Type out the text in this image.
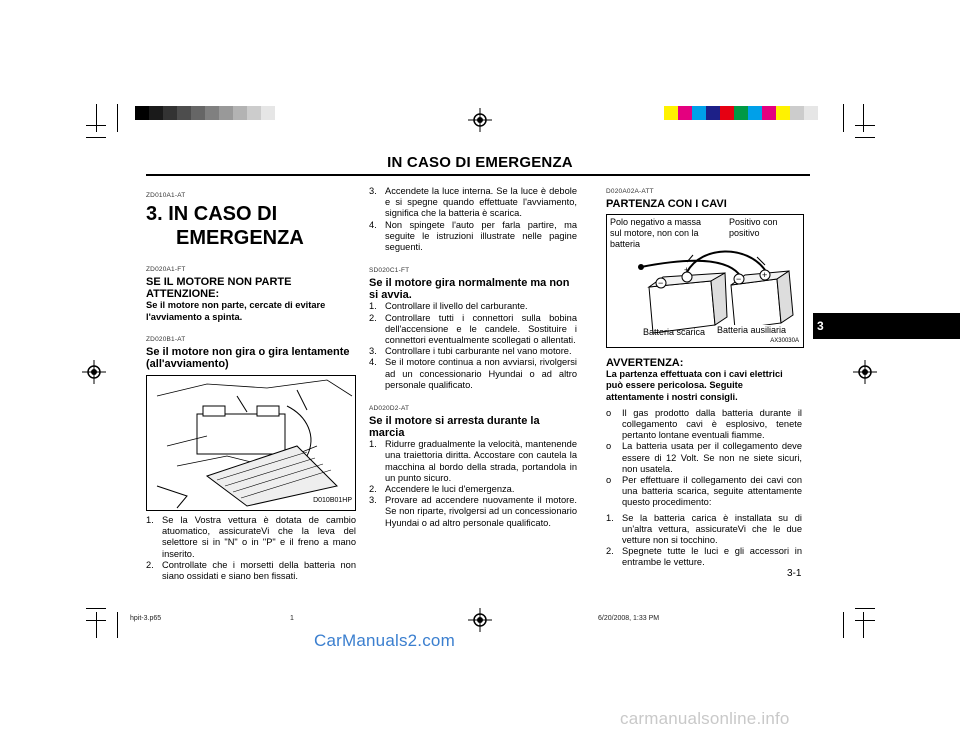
IN CASO DI EMERGENZA
ZD010A1-AT
3. IN CASO DI
EMERGENZA
ZD020A1-FT
SE IL MOTORE NON PARTE
ATTENZIONE:
Se il motore non parte, cercate di evitare l'avviamento a spinta.
ZD020B1-AT
Se il motore non gira o gira lentamente (all'avviamento)
D010B01HP
1. Se la Vostra vettura è dotata de cambio atuomatico, assicurateVi che la leva del selettore si in "N" o in "P" e il freno a mano inserito.
2. Controllate che i morsetti della batteria non siano ossidati e siano ben fissati.
3. Accendete la luce interna. Se la luce è debole e si spegne quando effettuate l'avviamento, significa che la batteria è scarica.
4. Non spingete l'auto per farla partire, ma seguite le istruzioni illustrate nelle pagine seguenti.
SD020C1-FT
Se il motore gira normalmente ma non si avvia.
1. Controllare il livello del carburante.
2. Controllare tutti i connettori sulla bobina dell'accensione e le candele. Sostituire i connettori eventualmente scollegati o allentati.
3. Controllare i tubi carburante nel vano motore.
4. Se il motore continua a non avviarsi, rivolgersi ad un concessionario Hyundai o ad altro personale qualificato.
AD020D2-AT
Se il motore si arresta durante la marcia
1. Ridurre gradualmente la velocità, mantenende una traiettoria diritta. Accostare con cautela la macchina al bordo della strada, portandola in un punto sicuro.
2. Accendere le luci d'emergenza.
3. Provare ad accendere nuovamente il motore. Se non riparte, rivolgersi ad un concessionario Hyundai o ad altro personale qualificato.
D020A02A-ATT
PARTENZA CON I CAVI
+
−
+
−
Polo negativo a massa sul motore, non con la batteria
Positivo con positivo
Batteria scarica Batteria ausiliaria
AX30030A
AVVERTENZA:
La partenza effettuata con i cavi elettrici può essere pericolosa. Seguite attentamente i nostri consigli.
o Il gas prodotto dalla batteria durante il collegamento cavi è esplosivo, tenete pertanto lontane eventuali fiamme.
o La batteria usata per il collegamento deve essere di 12 Volt. Se non ne siete sicuri, non usatela.
o Per effettuare il collegamento dei cavi con una batteria scarica, seguite attentamente questo procedimento:
1. Se la batteria carica è installata su di un'altra vettura, assicurateVi che le due vetture non si tocchino.
2. Spegnete tutte le luci e gli accessori in entrambe le vetture.
3
3-1
hpit-3.p65	1	6/20/2008, 1:33 PM
CarManuals2.com
carmanualsonline.info
